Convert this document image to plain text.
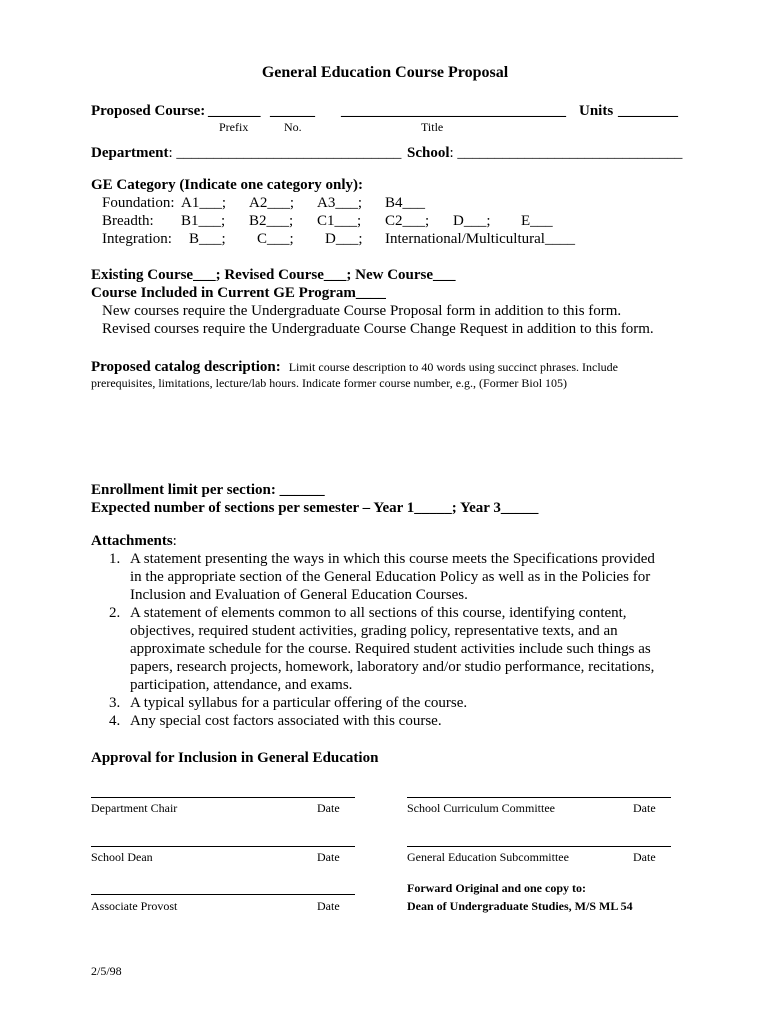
General Education Course Proposal
Proposed Course: _______ ______ ______________________________ Units ________
Prefix	No.	Title
Department: ______________________________ School: ______________________________
GE Category (Indicate one category only):
Foundation: A1___; A2___; A3___; B4___
Breadth: B1___; B2___; C1___; C2___; D___; E___
Integration: B___; C___; D___; International/Multicultural____
Existing Course___; Revised Course___; New Course___
Course Included in Current GE Program____
New courses require the Undergraduate Course Proposal form in addition to this form.
Revised courses require the Undergraduate Course Change Request in addition to this form.
Proposed catalog description: Limit course description to 40 words using succinct phrases. Include
prerequisites, limitations, lecture/lab hours. Indicate former course number, e.g., (Former Biol 105)
Enrollment limit per section: ______
Expected number of sections per semester – Year 1_____; Year 3_____
Attachments:
1. A statement presenting the ways in which this course meets the Specifications provided
in the appropriate section of the General Education Policy as well as in the Policies for
Inclusion and Evaluation of General Education Courses.
2. A statement of elements common to all sections of this course, identifying content,
objectives, required student activities, grading policy, representative texts, and an
approximate schedule for the course. Required student activities include such things as
papers, research projects, homework, laboratory and/or studio performance, recitations,
participation, attendance, and exams.
3. A typical syllabus for a particular offering of the course.
4. Any special cost factors associated with this course.
Approval for Inclusion in General Education
Department Chair	Date	School Curriculum Committee	Date
School Dean	Date	General Education Subcommittee	Date
Associate Provost	Date
Forward Original and one copy to:
Dean of Undergraduate Studies, M/S ML 54
2/5/98
